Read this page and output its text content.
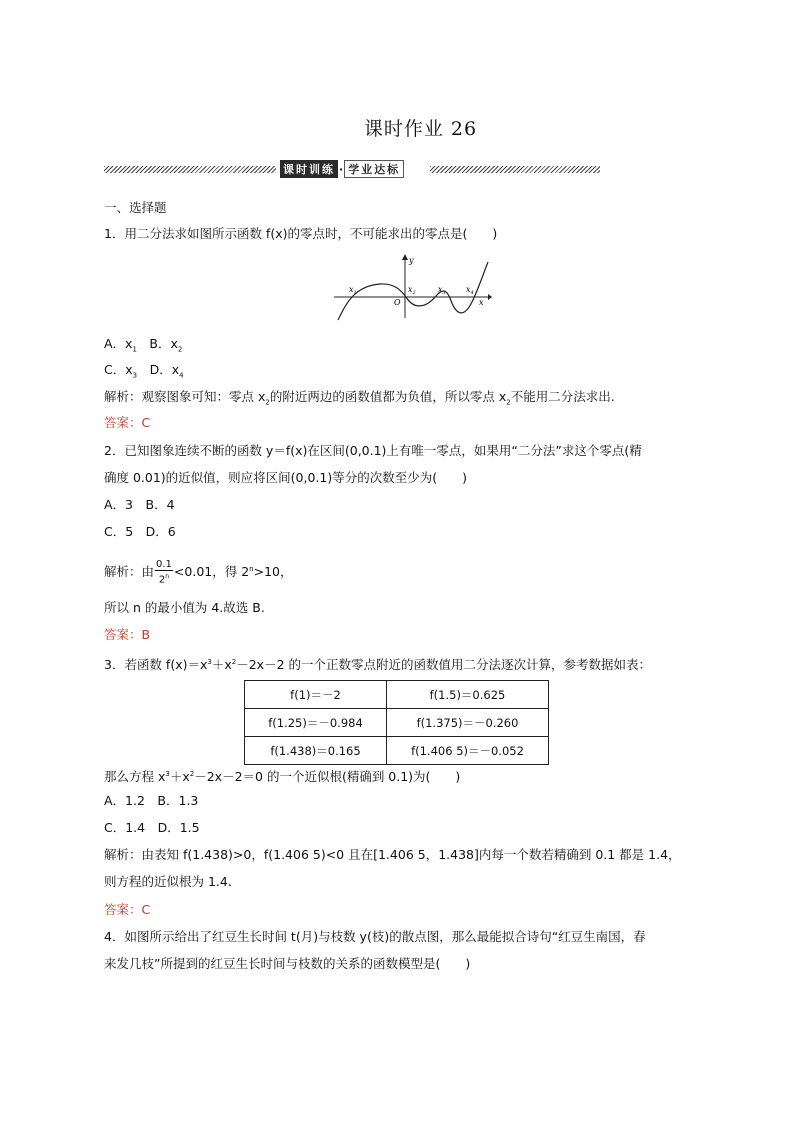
课时作业 26
课时训练 · 学业达标
一、选择题
1．用二分法求如图所示函数 f(x)的零点时，不可能求出的零点是(　　)
$x_1$
O
$x_2$	$x_3$	$x_4$
x
y
A．$x_1$　B．$x_2$
C．$x_3$　D．$x_4$
解析：观察图象可知：零点 $x_2$的附近两边的函数值都为负值，所以零点 $x_2$不能用二分法求出.
答案：C
2．已知图象连续不断的函数 y＝f(x)在区间(0,0.1)上有唯一零点，如果用“二分法”求这个零点(精
确度 0.01)的近似值，则应将区间(0,0.1)等分的次数至少为(　　)
A．3　B．4
C．5　D．6
解析：由 $\frac{0.1}{2^n} <0.01$，得 $2^n>10$，
所以 n 的最小值为 4.故选 B.
答案：B
3．若函数 $f(x)=x^3+x^2-2x-2$ 的一个正数零点附近的函数值用二分法逐次计算，参考数据如表：
f(1)＝－2	f(1.5)＝0.625
f(1.25)＝－0.984	f(1.375)＝－0.260
f(1.438)＝0.165	f(1.406 5)＝－0.052
那么方程 $x^3+x^2-2x-2=0$ 的一个近似根(精确到 0.1)为(　　)
A．1.2　B．1.3
C．1.4　D．1.5
解析：由表知 f(1.438)>0，f(1.406 5)<0 且在[1.406 5，1.438]内每一个数若精确到 0.1 都是 1.4，
则方程的近似根为 1.4.
答案：C
4．如图所示给出了红豆生长时间 t(月)与枝数 y(枝)的散点图，那么最能拟合诗句“红豆生南国，春
来发几枝”所提到的红豆生长时间与枝数的关系的函数模型是(　　)
